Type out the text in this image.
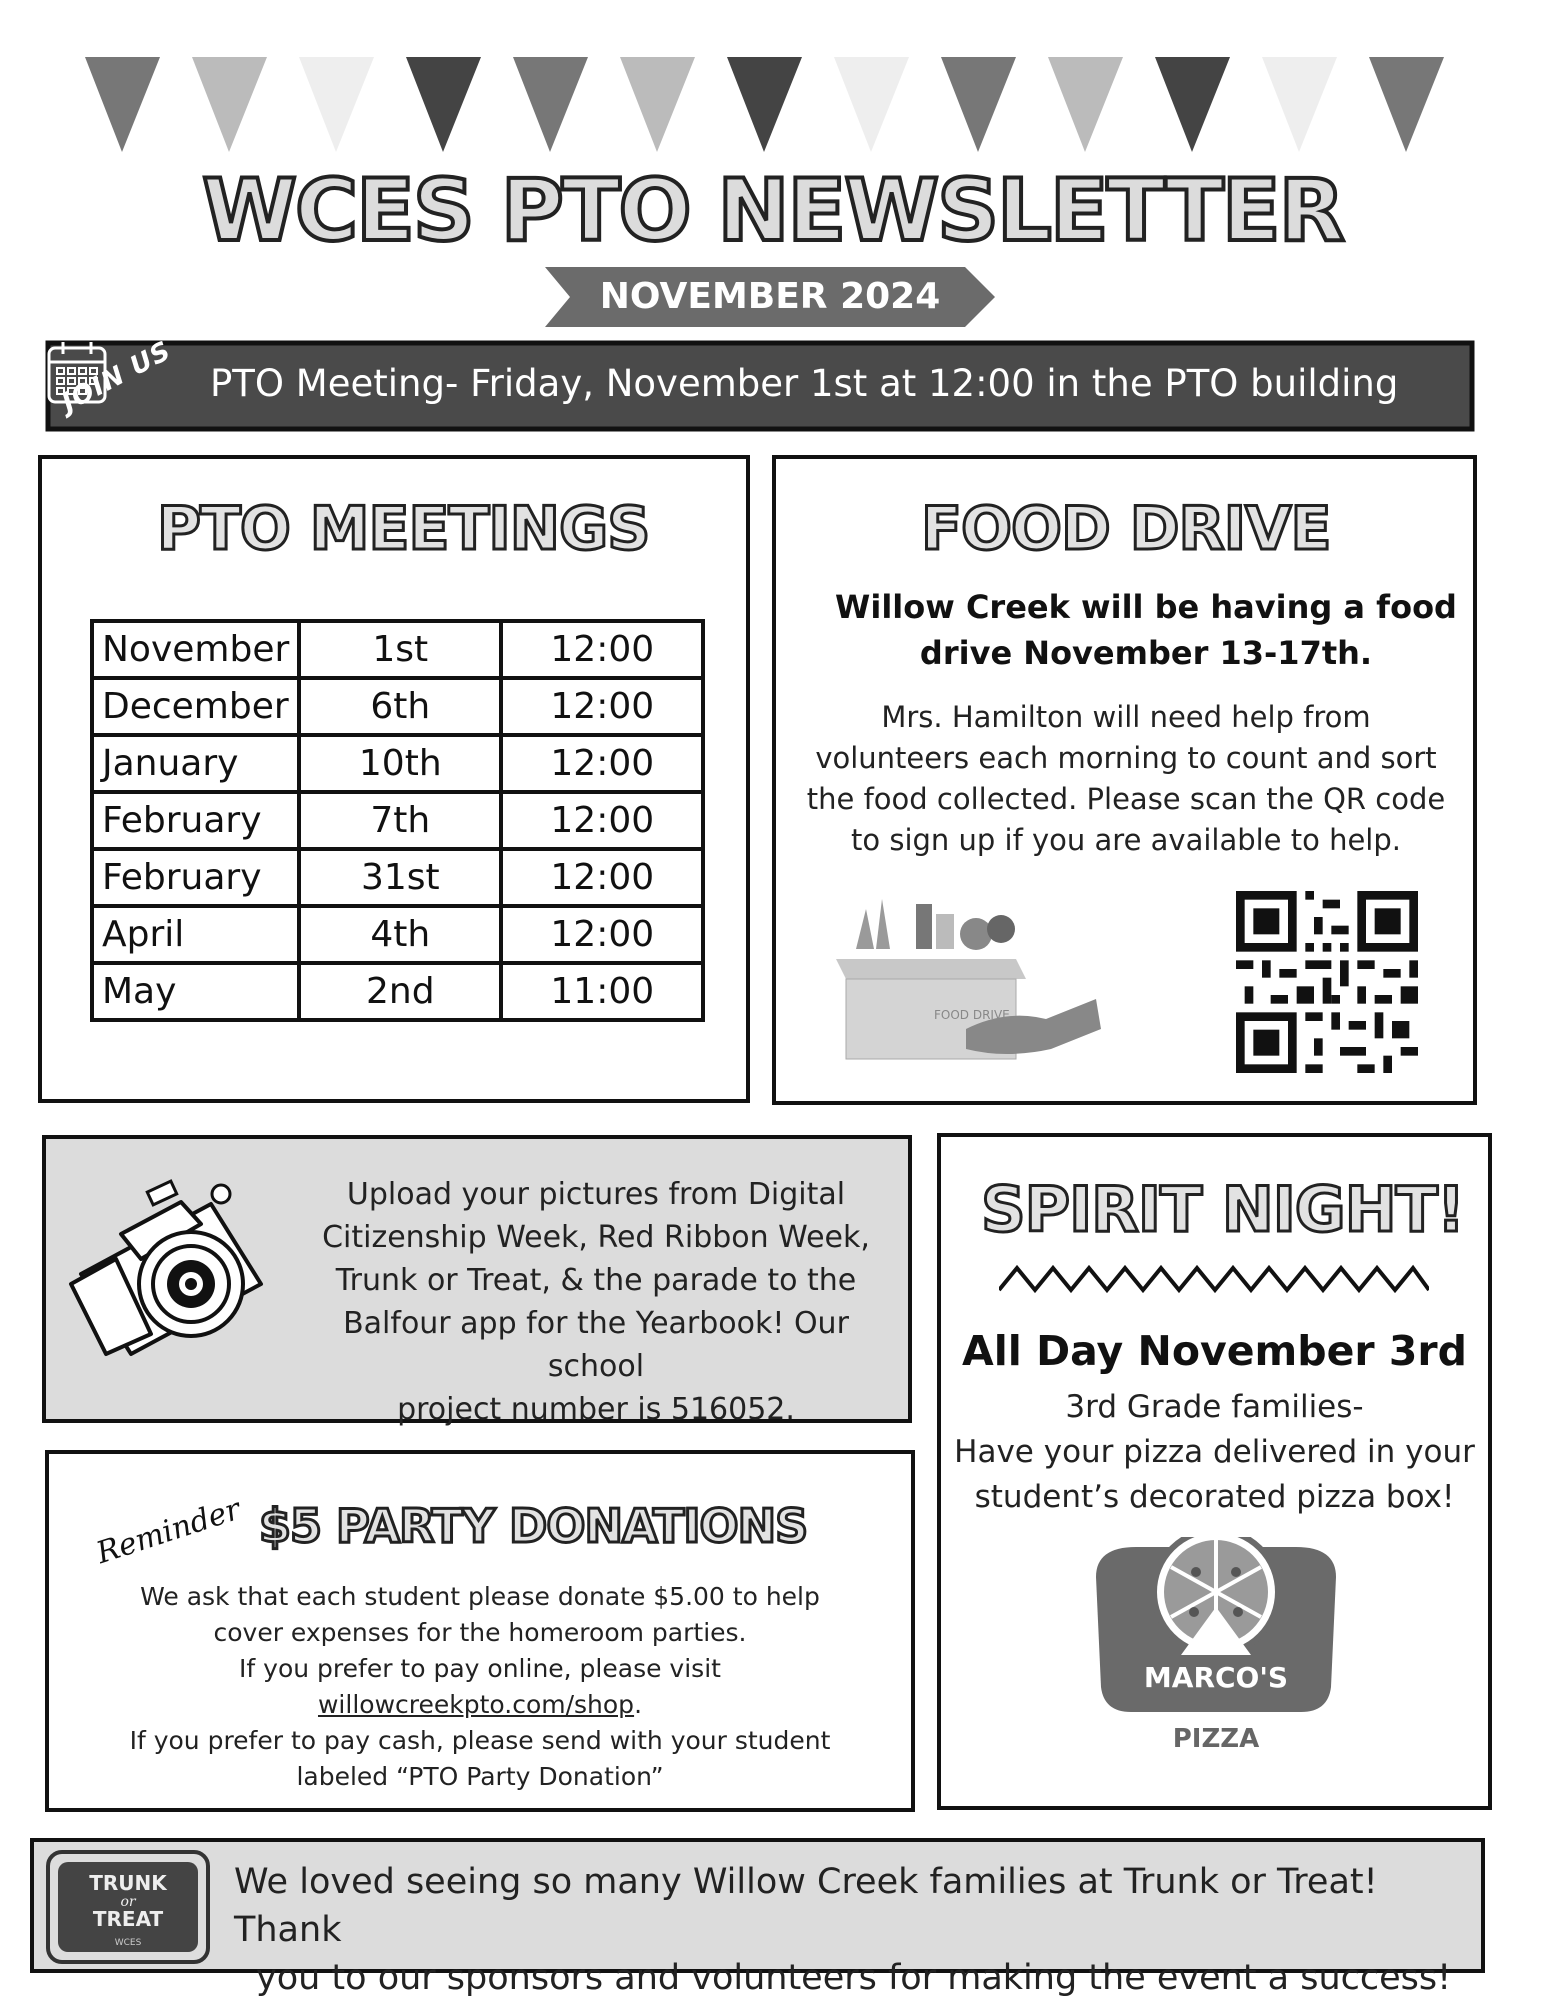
WCES PTO NEWSLETTER
NOVEMBER 2024
JOIN US PTO Meeting- Friday, November 1st at 12:00 in the PTO building
PTO MEETINGS
November	1st	12:00
December	6th	12:00
January	10th	12:00
February	7th	12:00
February	31st	12:00
April	4th	12:00
May	2nd	11:00
FOOD DRIVE
Willow Creek will be having a food
drive November 13-17th.
Mrs. Hamilton will need help from
volunteers each morning to count and sort
the food collected. Please scan the QR code
to sign up if you are available to help.
FOOD DRIVE
Upload your pictures from Digital
Citizenship Week, Red Ribbon Week,
Trunk or Treat, & the parade to the
Balfour app for the Yearbook! Our school
project number is 516052.
SPIRIT NIGHT!
All Day November 3rd
3rd Grade families-
Have your pizza delivered in your
student’s decorated pizza box!
MARCO'S
PIZZA
Reminder $5 PARTY DONATIONS
We ask that each student please donate $5.00 to help
cover expenses for the homeroom parties.
If you prefer to pay online, please visit
willowcreekpto.com/shop.
If you prefer to pay cash, please send with your student
labeled “PTO Party Donation”
TRUNK
or
TREAT
WCES
We loved seeing so many Willow Creek families at Trunk or Treat! Thank
you to our sponsors and volunteers for making the event a success!
